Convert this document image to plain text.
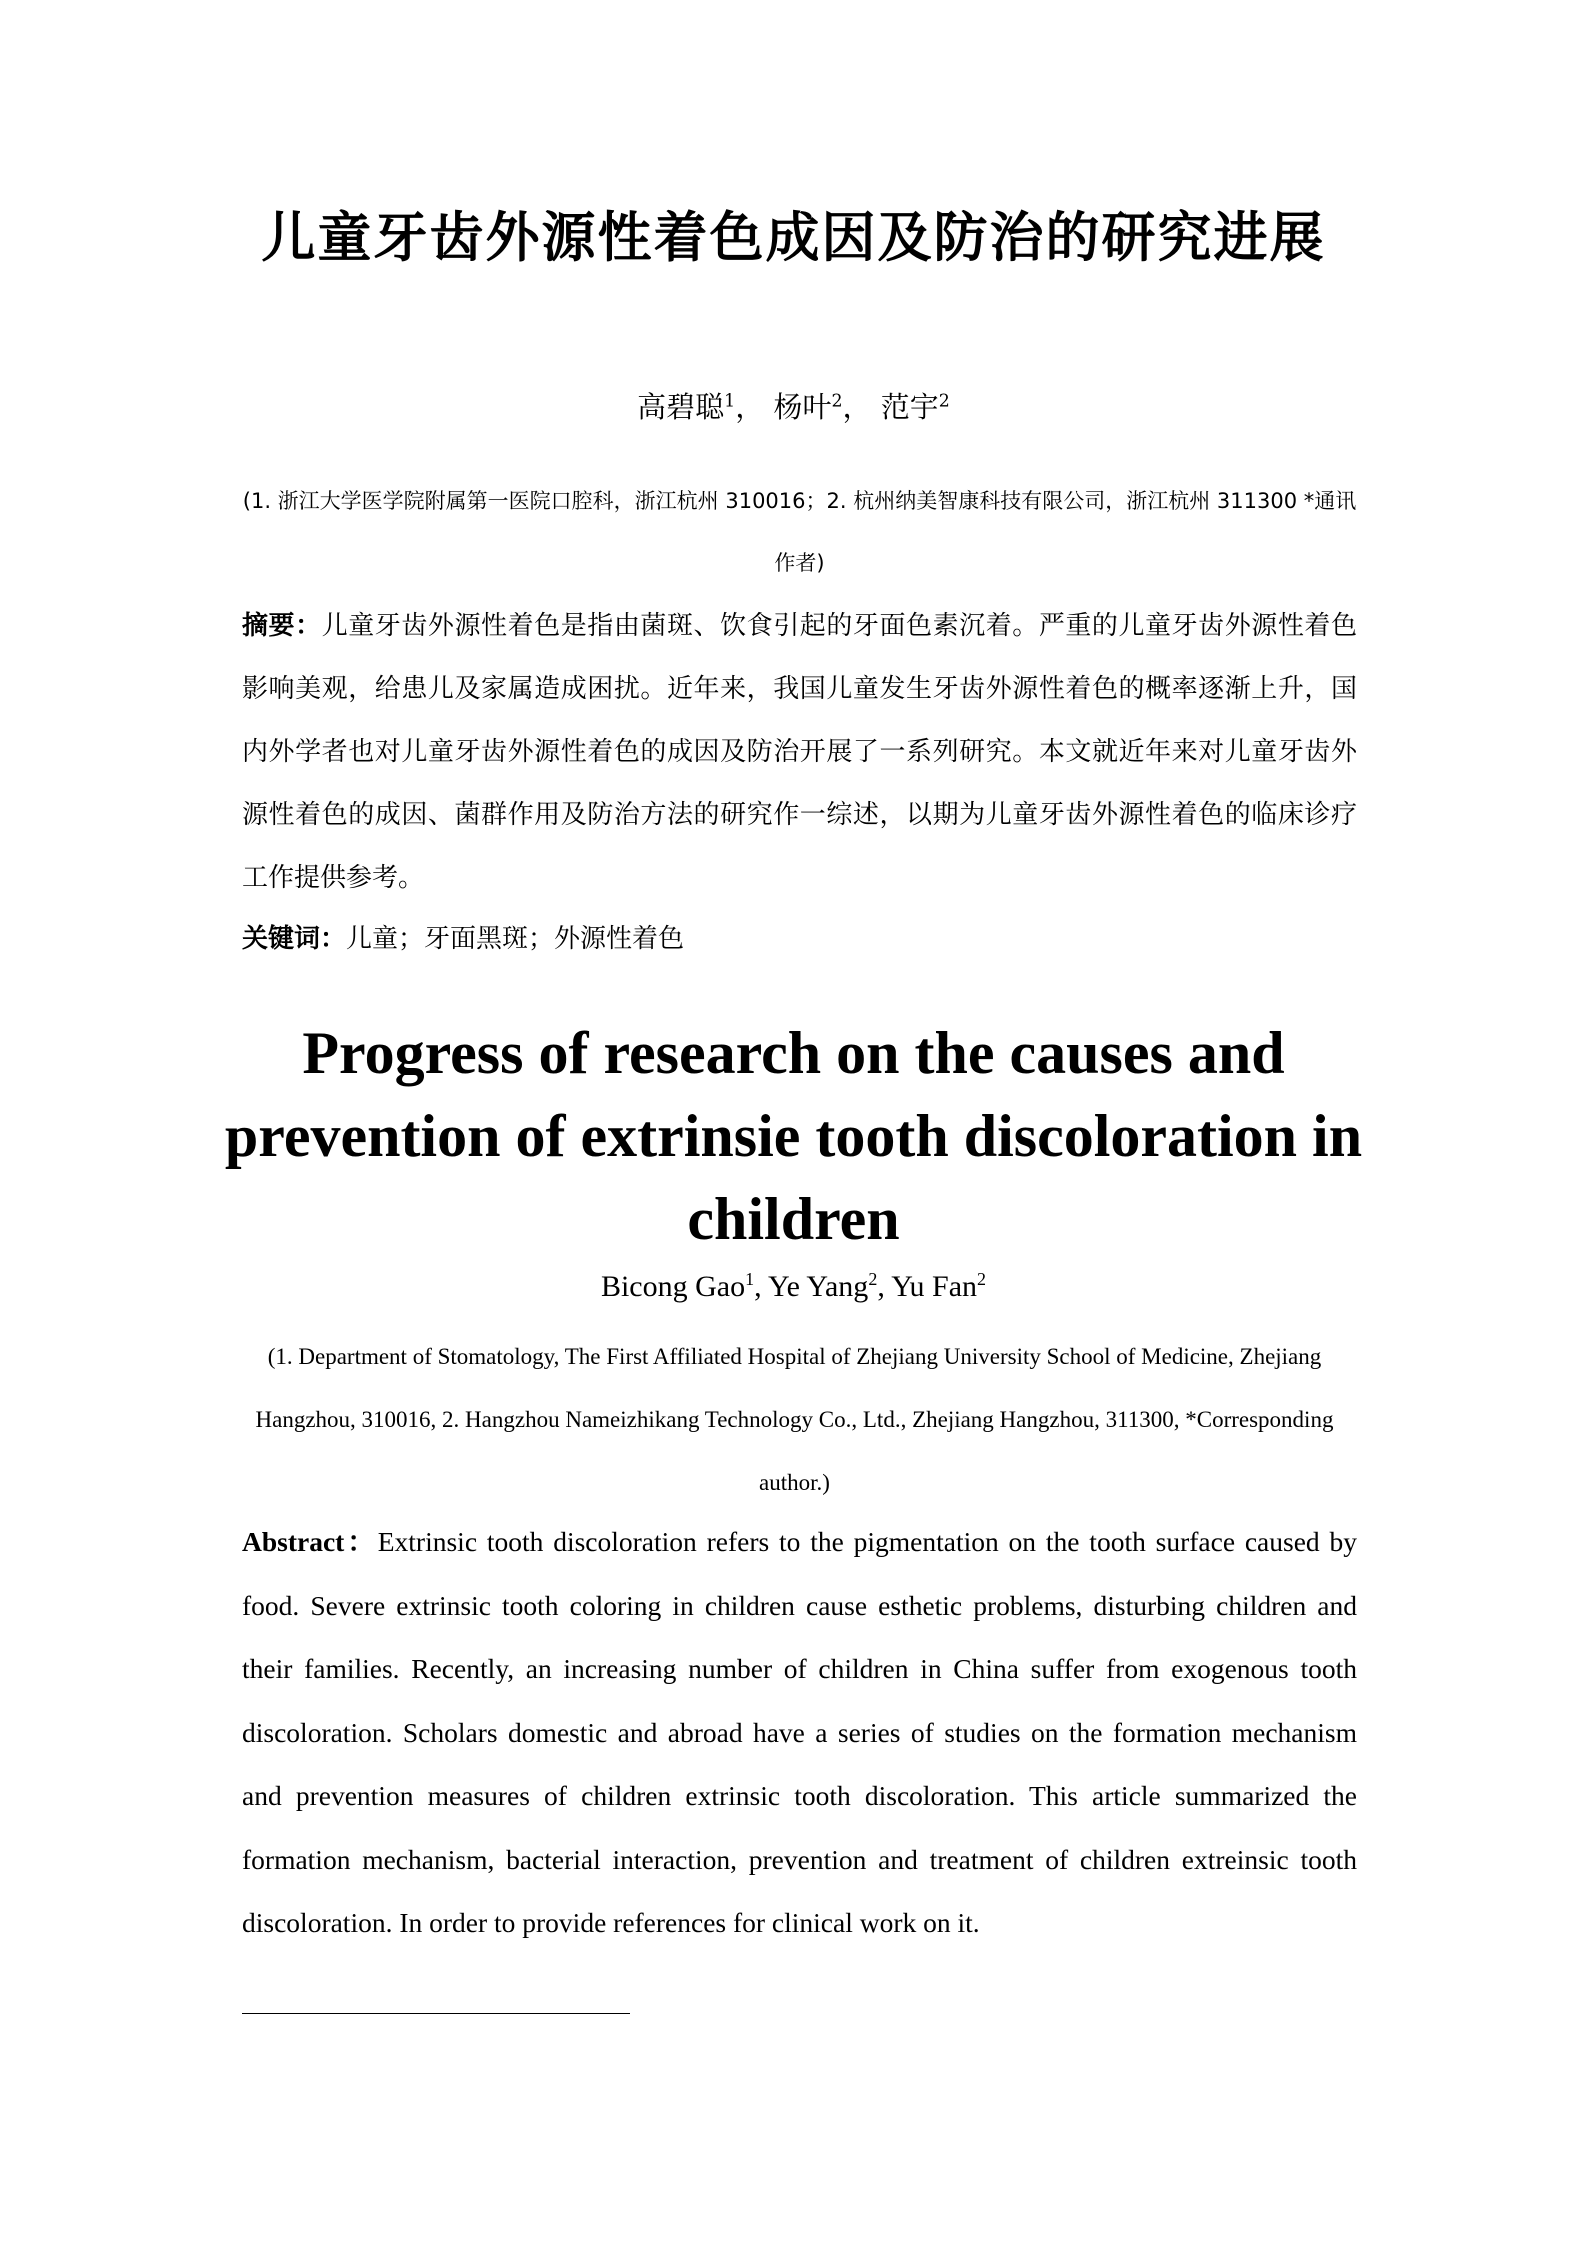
儿童牙齿外源性着色成因及防治的研究进展
高碧聪$^1$， 杨叶$^2$， 范宇$^2$
(1. 浙江大学医学院附属第一医院口腔科，浙江杭州 310016；2. 杭州纳美智康科技有限公司，浙江杭州 311300 *通讯作者)
摘要：儿童牙齿外源性着色是指由菌斑、饮食引起的牙面色素沉着。严重的儿童牙齿外源性着色影响美观，给患儿及家属造成困扰。近年来，我国儿童发生牙齿外源性着色的概率逐渐上升，国内外学者也对儿童牙齿外源性着色的成因及防治开展了一系列研究。本文就近年来对儿童牙齿外源性着色的成因、菌群作用及防治方法的研究作一综述，以期为儿童牙齿外源性着色的临床诊疗工作提供参考。
关键词：儿童；牙面黑斑；外源性着色
Progress of research on the causes and prevention of extrinsie tooth discoloration in children
Bicong Gao$^1$, Ye Yang$^2$, Yu Fan$^2$
(1. Department of Stomatology, The First Affiliated Hospital of Zhejiang University School of Medicine, Zhejiang Hangzhou, 310016, 2. Hangzhou Nameizhikang Technology Co., Ltd., Zhejiang Hangzhou, 311300, *Corresponding author.)
Abstract：Extrinsic tooth discoloration refers to the pigmentation on the tooth surface caused by food. Severe extrinsic tooth coloring in children cause esthetic problems, disturbing children and their families. Recently, an increasing number of children in China suffer from exogenous tooth discoloration. Scholars domestic and abroad have a series of studies on the formation mechanism and prevention measures of children extrinsic tooth discoloration. This article summarized the formation mechanism, bacterial interaction, prevention and treatment of children extreinsic tooth discoloration. In order to provide references for clinical work on it.
